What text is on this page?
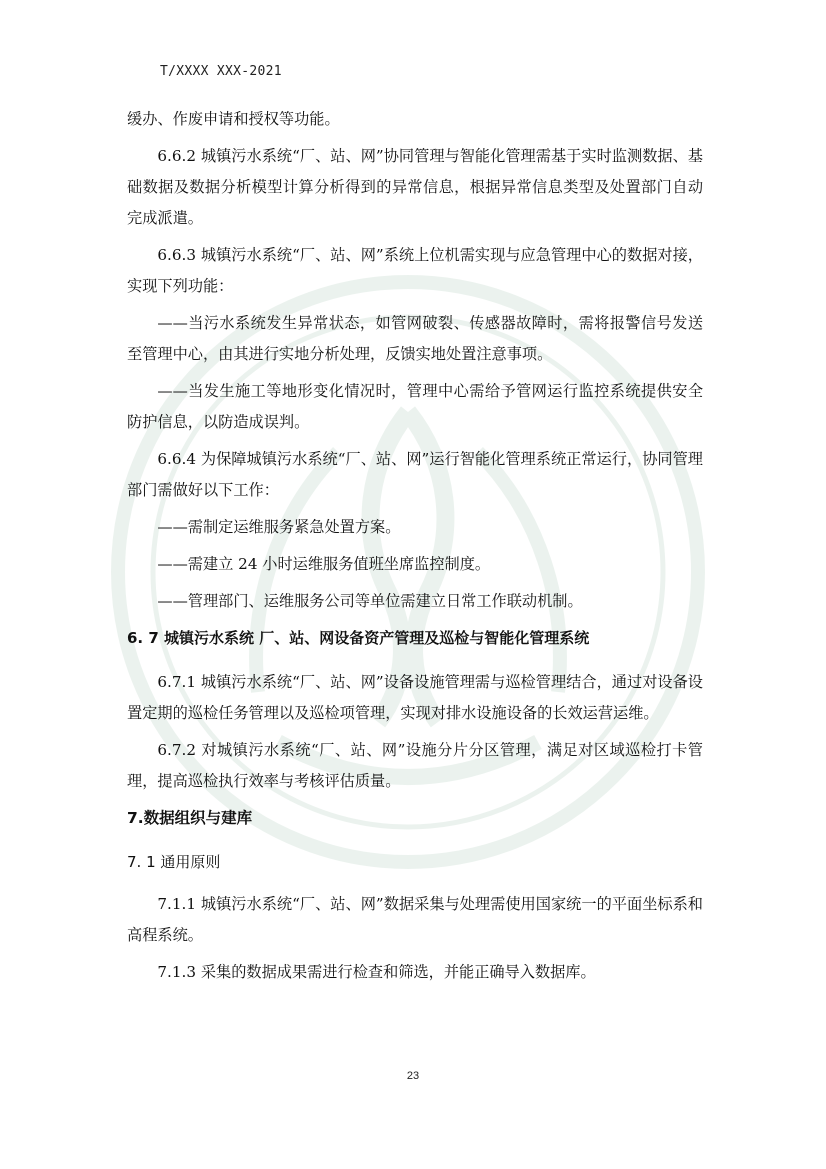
T/XXXX XXX-2021

缓办、作废申请和授权等功能。

6.6.2 城镇污水系统“厂、站、网”协同管理与智能化管理需基于实时监测数据、基础数据及数据分析模型计算分析得到的异常信息，根据异常信息类型及处置部门自动完成派遣。

6.6.3 城镇污水系统“厂、站、网”系统上位机需实现与应急管理中心的数据对接，实现下列功能：

——当污水系统发生异常状态，如管网破裂、传感器故障时，需将报警信号发送至管理中心，由其进行实地分析处理，反馈实地处置注意事项。

——当发生施工等地形变化情况时，管理中心需给予管网运行监控系统提供安全防护信息，以防造成误判。

6.6.4 为保障城镇污水系统“厂、站、网”运行智能化管理系统正常运行，协同管理部门需做好以下工作：

——需制定运维服务紧急处置方案。

——需建立 24 小时运维服务值班坐席监控制度。

——管理部门、运维服务公司等单位需建立日常工作联动机制。

6. 7 城镇污水系统 厂、站、网设备资产管理及巡检与智能化管理系统

6.7.1 城镇污水系统“厂、站、网”设备设施管理需与巡检管理结合，通过对设备设置定期的巡检任务管理以及巡检项管理，实现对排水设施设备的长效运营运维。

6.7.2 对城镇污水系统“厂、站、网”设施分片分区管理，满足对区域巡检打卡管理，提高巡检执行效率与考核评估质量。

7.数据组织与建库
7. 1 通用原则

7.1.1 城镇污水系统“厂、站、网”数据采集与处理需使用国家统一的平面坐标系和高程系统。

7.1.3 采集的数据成果需进行检查和筛选，并能正确导入数据库。

23
